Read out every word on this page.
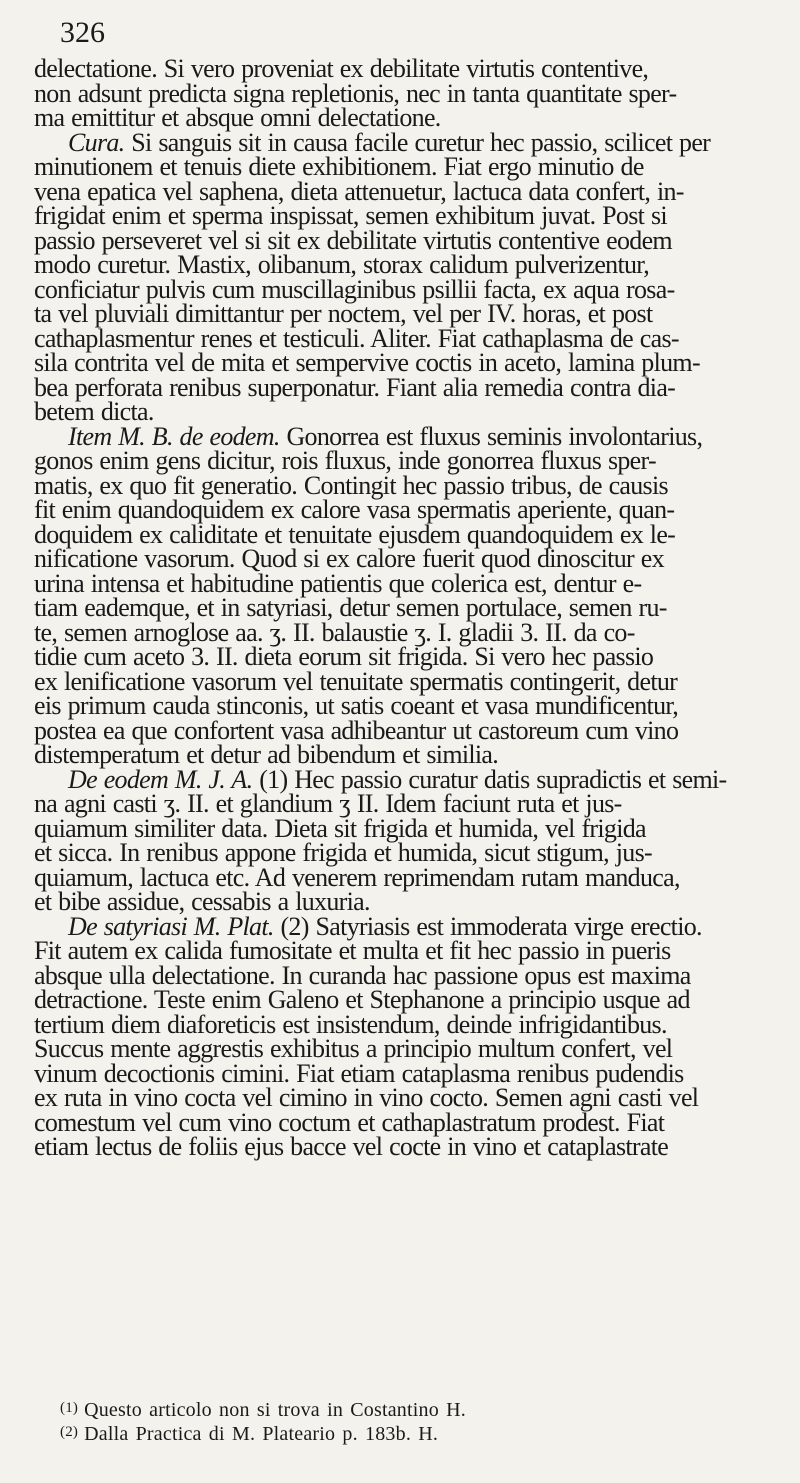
326
delectatione. Si vero proveniat ex debilitate virtutis contentive,
non adsunt predicta signa repletionis, nec in tanta quantitate sper-
ma emittitur et absque omni delectatione.
Cura. Si sanguis sit in causa facile curetur hec passio, scilicet per
minutionem et tenuis diete exhibitionem. Fiat ergo minutio de
vena epatica vel saphena, dieta attenuetur, lactuca data confert, in-
frigidat enim et sperma inspissat, semen exhibitum juvat. Post si
passio perseveret vel si sit ex debilitate virtutis contentive eodem
modo curetur. Mastix, olibanum, storax calidum pulverizentur,
conficiatur pulvis cum muscillaginibus psillii facta, ex aqua rosa-
ta vel pluviali dimittantur per noctem, vel per IV. horas, et post
cathaplasmentur renes et testiculi. Aliter. Fiat cathaplasma de cas-
sila contrita vel de mita et sempervive coctis in aceto, lamina plum-
bea perforata renibus superponatur. Fiant alia remedia contra dia-
betem dicta.
Item M. B. de eodem. Gonorrea est fluxus seminis involontarius,
gonos enim gens dicitur, rois fluxus, inde gonorrea fluxus sper-
matis, ex quo fit generatio. Contingit hec passio tribus, de causis
fit enim quandoquidem ex calore vasa spermatis aperiente, quan-
doquidem ex caliditate et tenuitate ejusdem quandoquidem ex le-
nificatione vasorum. Quod si ex calore fuerit quod dinoscitur ex
urina intensa et habitudine patientis que colerica est, dentur e-
tiam eademque, et in satyriasi, detur semen portulace, semen ru-
te, semen arnoglose aa. ʒ. II. balaustie ʒ. I. gladii 3. II. da co-
tidie cum aceto 3. II. dieta eorum sit frigida. Si vero hec passio
ex lenificatione vasorum vel tenuitate spermatis contingerit, detur
eis primum cauda stinconis, ut satis coeant et vasa mundificentur,
postea ea que confortent vasa adhibeantur ut castoreum cum vino
distemperatum et detur ad bibendum et similia.
De eodem M. J. A. (1) Hec passio curatur datis supradictis et semi-
na agni casti ʒ. II. et glandium ʒ II. Idem faciunt ruta et jus-
quiamum similiter data. Dieta sit frigida et humida, vel frigida
et sicca. In renibus appone frigida et humida, sicut stigum, jus-
quiamum, lactuca etc. Ad venerem reprimendam rutam manduca,
et bibe assidue, cessabis a luxuria.
De satyriasi M. Plat. (2) Satyriasis est immoderata virge erectio.
Fit autem ex calida fumositate et multa et fit hec passio in pueris
absque ulla delectatione. In curanda hac passione opus est maxima
detractione. Teste enim Galeno et Stephanone a principio usque ad
tertium diem diaforeticis est insistendum, deinde infrigidantibus.
Succus mente aggrestis exhibitus a principio multum confert, vel
vinum decoctionis cimini. Fiat etiam cataplasma renibus pudendis
ex ruta in vino cocta vel cimino in vino cocto. Semen agni casti vel
comestum vel cum vino coctum et cathaplastratum prodest. Fiat
etiam lectus de foliis ejus bacce vel cocte in vino et cataplastrate
$^{(1)}$ Questo articolo non si trova in Costantino H.
$^{(2)}$ Dalla Practica di M. Plateario p. 183b. H.
